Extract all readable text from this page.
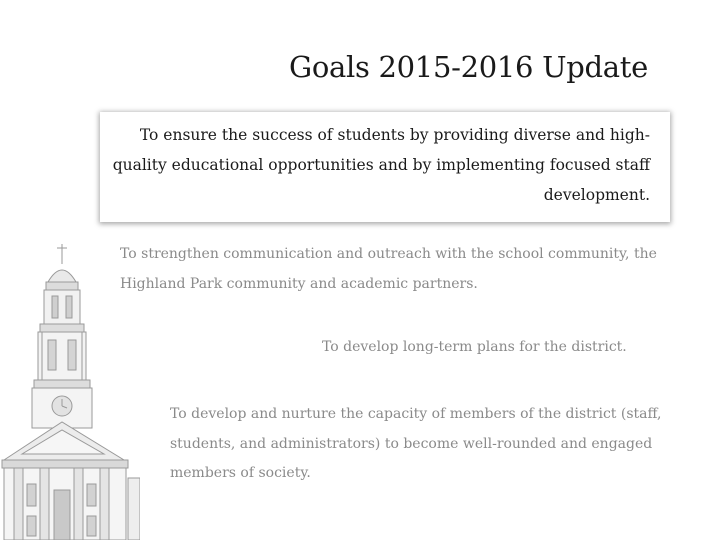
Goals 2015-2016 Update
To ensure the success of students by providing diverse and high-quality educational opportunities and by implementing focused staff development.
To strengthen communication and outreach with the school community, the Highland Park community and academic partners.
To develop long-term plans for the district.
To develop and nurture the capacity of members of the district (staff, students, and administrators) to become well-rounded and engaged members of society.
